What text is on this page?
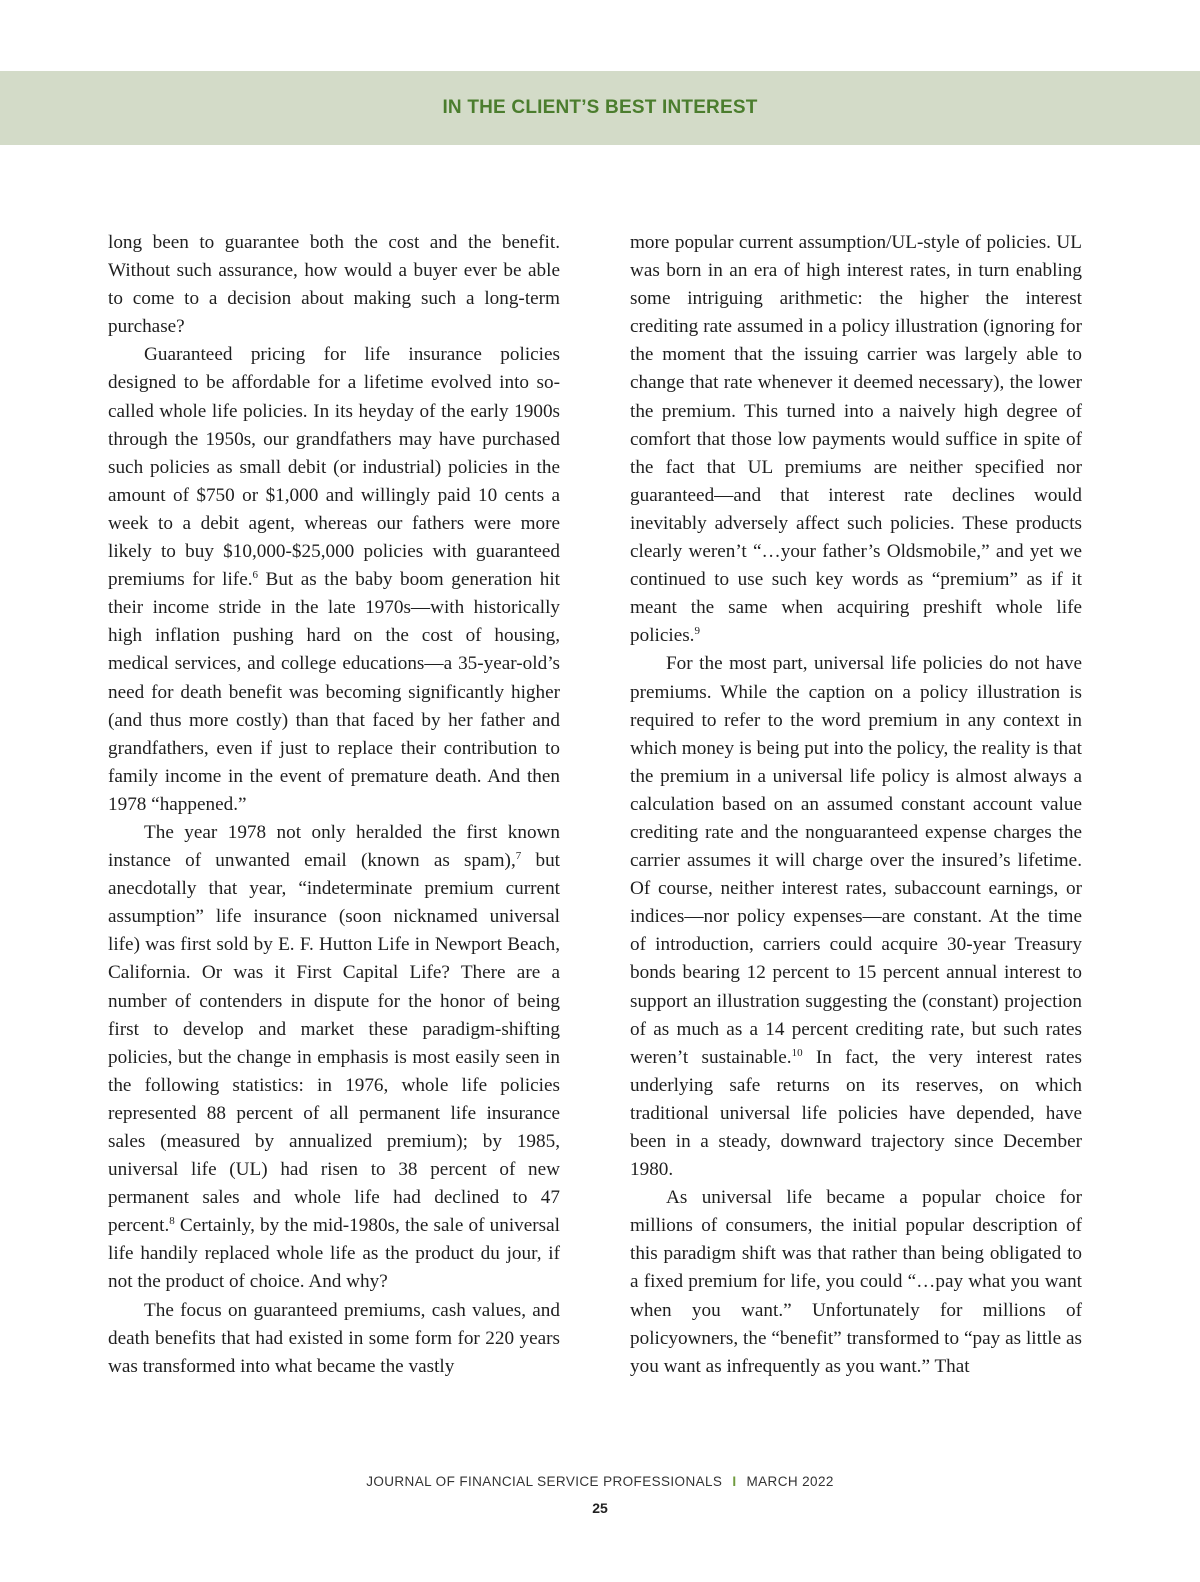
IN THE CLIENT’S BEST INTEREST

long been to guarantee both the cost and the benefit. Without such assurance, how would a buyer ever be able to come to a decision about making such a long-term purchase?

Guaranteed pricing for life insurance policies designed to be affordable for a lifetime evolved into so-called whole life policies. In its heyday of the early 1900s through the 1950s, our grandfathers may have purchased such policies as small debit (or industrial) policies in the amount of $750 or $1,000 and willingly paid 10 cents a week to a debit agent, whereas our fathers were more likely to buy $10,000-$25,000 policies with guaranteed premiums for life.$^6$ But as the baby boom generation hit their income stride in the late 1970s—with historically high inflation pushing hard on the cost of housing, medical services, and college educations—a 35-year-old’s need for death benefit was becoming significantly higher (and thus more costly) than that faced by her father and grandfathers, even if just to replace their contribution to family income in the event of premature death. And then 1978 “happened.”

The year 1978 not only heralded the first known instance of unwanted email (known as spam),$^7$ but anecdotally that year, “indeterminate premium current assumption” life insurance (soon nicknamed universal life) was first sold by E. F. Hutton Life in Newport Beach, California. Or was it First Capital Life? There are a number of contenders in dispute for the honor of being first to develop and market these paradigm-shifting policies, but the change in emphasis is most easily seen in the following statistics: in 1976, whole life policies represented 88 percent of all permanent life insurance sales (measured by annualized premium); by 1985, universal life (UL) had risen to 38 percent of new permanent sales and whole life had declined to 47 percent.$^8$ Certainly, by the mid-1980s, the sale of universal life handily replaced whole life as the product du jour, if not the product of choice. And why?

The focus on guaranteed premiums, cash values, and death benefits that had existed in some form for 220 years was transformed into what became the vastly

more popular current assumption/UL-style of policies. UL was born in an era of high interest rates, in turn enabling some intriguing arithmetic: the higher the interest crediting rate assumed in a policy illustration (ignoring for the moment that the issuing carrier was largely able to change that rate whenever it deemed necessary), the lower the premium. This turned into a naively high degree of comfort that those low payments would suffice in spite of the fact that UL premiums are neither specified nor guaranteed—and that interest rate declines would inevitably adversely affect such policies. These products clearly weren’t “…your father’s Oldsmobile,” and yet we continued to use such key words as “premium” as if it meant the same when acquiring preshift whole life policies.$^9$

For the most part, universal life policies do not have premiums. While the caption on a policy illustration is required to refer to the word premium in any context in which money is being put into the policy, the reality is that the premium in a universal life policy is almost always a calculation based on an assumed constant account value crediting rate and the nonguaranteed expense charges the carrier assumes it will charge over the insured’s lifetime. Of course, neither interest rates, subaccount earnings, or indices—nor policy expenses—are constant. At the time of introduction, carriers could acquire 30-year Treasury bonds bearing 12 percent to 15 percent annual interest to support an illustration suggesting the (constant) projection of as much as a 14 percent crediting rate, but such rates weren’t sustainable.$^{10}$ In fact, the very interest rates underlying safe returns on its reserves, on which traditional universal life policies have depended, have been in a steady, downward trajectory since December 1980.

As universal life became a popular choice for millions of consumers, the initial popular description of this paradigm shift was that rather than being obligated to a fixed premium for life, you could “…pay what you want when you want.” Unfortunately for millions of policyowners, the “benefit” transformed to “pay as little as you want as infrequently as you want.” That

JOURNAL OF FINANCIAL SERVICE PROFESSIONALS I MARCH 2022
25
